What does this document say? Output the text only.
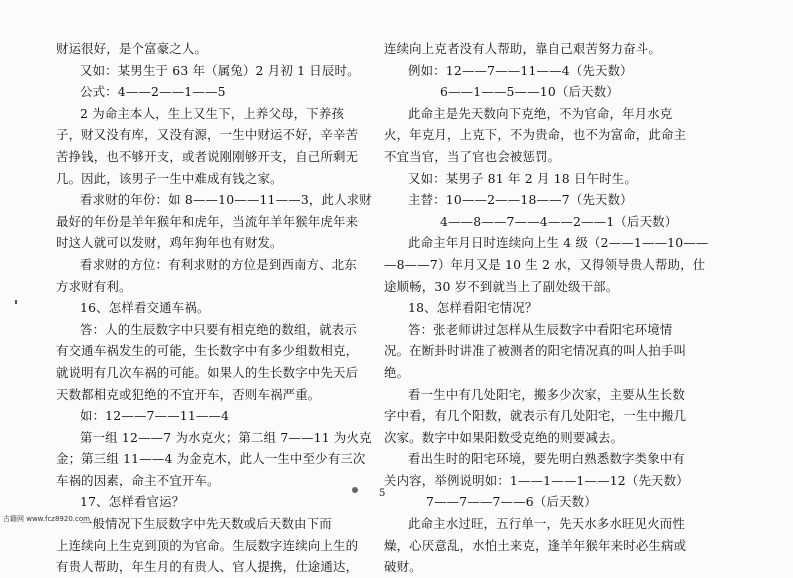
财运很好，是个富豪之人。
又如：某男生于 63 年（属兔）2 月初 1 日辰时。
公式：4——2——1——5
2 为命主本人，生上又生下，上养父母，下养孩
子，财又没有库，又没有源，一生中财运不好，辛辛苦
苦挣钱，也不够开支，或者说刚刚够开支，自己所剩无
几。因此，该男子一生中难成有钱之家。
看求财的年份：如 8——10——11——3，此人求财
最好的年份是羊年猴年和虎年，当流年羊年猴年虎年来
时这人就可以发财，鸡年狗年也有财发。
看求财的方位：有利求财的方位是到西南方、北东
方求财有利。
16、怎样看交通车祸。
答：人的生辰数字中只要有相克绝的数组，就表示
有交通车祸发生的可能，生长数字中有多少组数相克，
就说明有几次车祸的可能。如果人的生长数字中先天后
天数都相克或犯绝的不宜开车，否则车祸严重。
如：12——7——11——4
第一组 12——7 为水克火；第二组 7——11 为火克
金；第三组 11——4 为金克木，此人一生中至少有三次
车祸的因素，命主不宜开车。
17、怎样看官运？
一般情况下生辰数字中先天数或后天数由下而
上连续向上生克到顶的为官命。生辰数字连续向上生的
有贵人帮助，年生月的有贵人、官人提携，仕途通达，
连续向上克者没有人帮助，靠自己艰苦努力奋斗。
例如：12——7——11——4（先天数）
6——1——5——10（后天数）
此命主是先天数向下克绝，不为官命，年月水克
火，年克月，上克下，不为贵命，也不为富命，此命主
不宜当官，当了官也会被惩罚。
又如：某男子 81 年 2 月 18 日午时生。
主替：10——2——18——7（先天数）
4——8——7——4——2——1（后天数）
此命主年月日时连续向上生 4 级（2——1——10——
—8——7）年月又是 10 生 2 水，又得领导贵人帮助，仕
途顺畅，30 岁不到就当上了副处级干部。
18、怎样看阳宅情况？
答：张老师讲过怎样从生辰数字中看阳宅环境情
况。在断卦时讲准了被测者的阳宅情况真的叫人拍手叫
绝。
看一生中有几处阳宅，搬多少次家，主要从生长数
字中看，有几个阳数，就表示有几处阳宅，一生中搬几
次家。数字中如果阳数受克绝的则要减去。
看出生时的阳宅环境，要先明白熟悉数字类象中有
关内容，举例说明如：1——1——1——12（先天数）
7——7——7——6（后天数）
此命主水过旺，五行单一，先天水多水旺见火而性
燥，心厌意乱，水怕土来克，逢羊年猴年来时必生病或
破财。
5
古籍网 www.fcz8920.com
